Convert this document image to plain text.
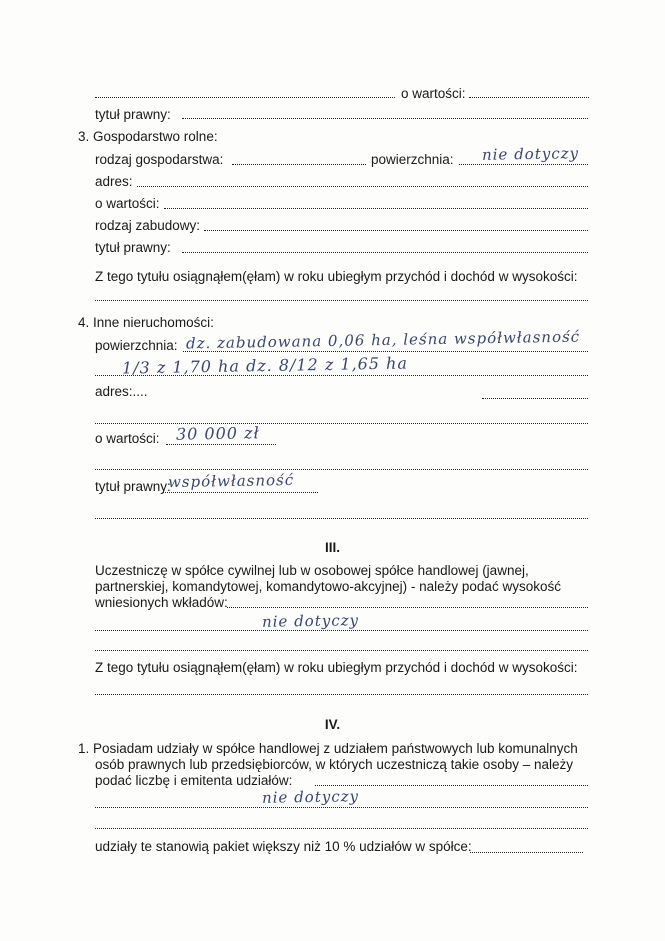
o wartości:
tytuł prawny:
3. Gospodarstwo rolne:
rodzaj gospodarstwa:	powierzchnia: nie dotyczy
adres:
o wartości:
rodzaj zabudowy:
tytuł prawny:
Z tego tytułu osiągnąłem(ęłam) w roku ubiegłym przychód i dochód w wysokości:
4. Inne nieruchomości:
powierzchnia: dz. zabudowana 0,06 ha, leśna współwłasność
1/3 z 1,70 ha dz. 8/12 z 1,65 ha
adres:....
o wartości: 30 000 zł
tytuł prawny:
współwłasność
III.
Uczestniczę w spółce cywilnej lub w osobowej spółce handlowej (jawnej,
partnerskiej, komandytowej, komandytowo-akcyjnej) - należy podać wysokość
wniesionych wkładów:
nie dotyczy
Z tego tytułu osiągnąłem(ęłam) w roku ubiegłym przychód i dochód w wysokości:
IV.
1. Posiadam udziały w spółce handlowej z udziałem państwowych lub komunalnych
osób prawnych lub przedsiębiorców, w których uczestniczą takie osoby – należy
podać liczbę i emitenta udziałów:
nie dotyczy
udziały te stanowią pakiet większy niż 10 % udziałów w spółce:
